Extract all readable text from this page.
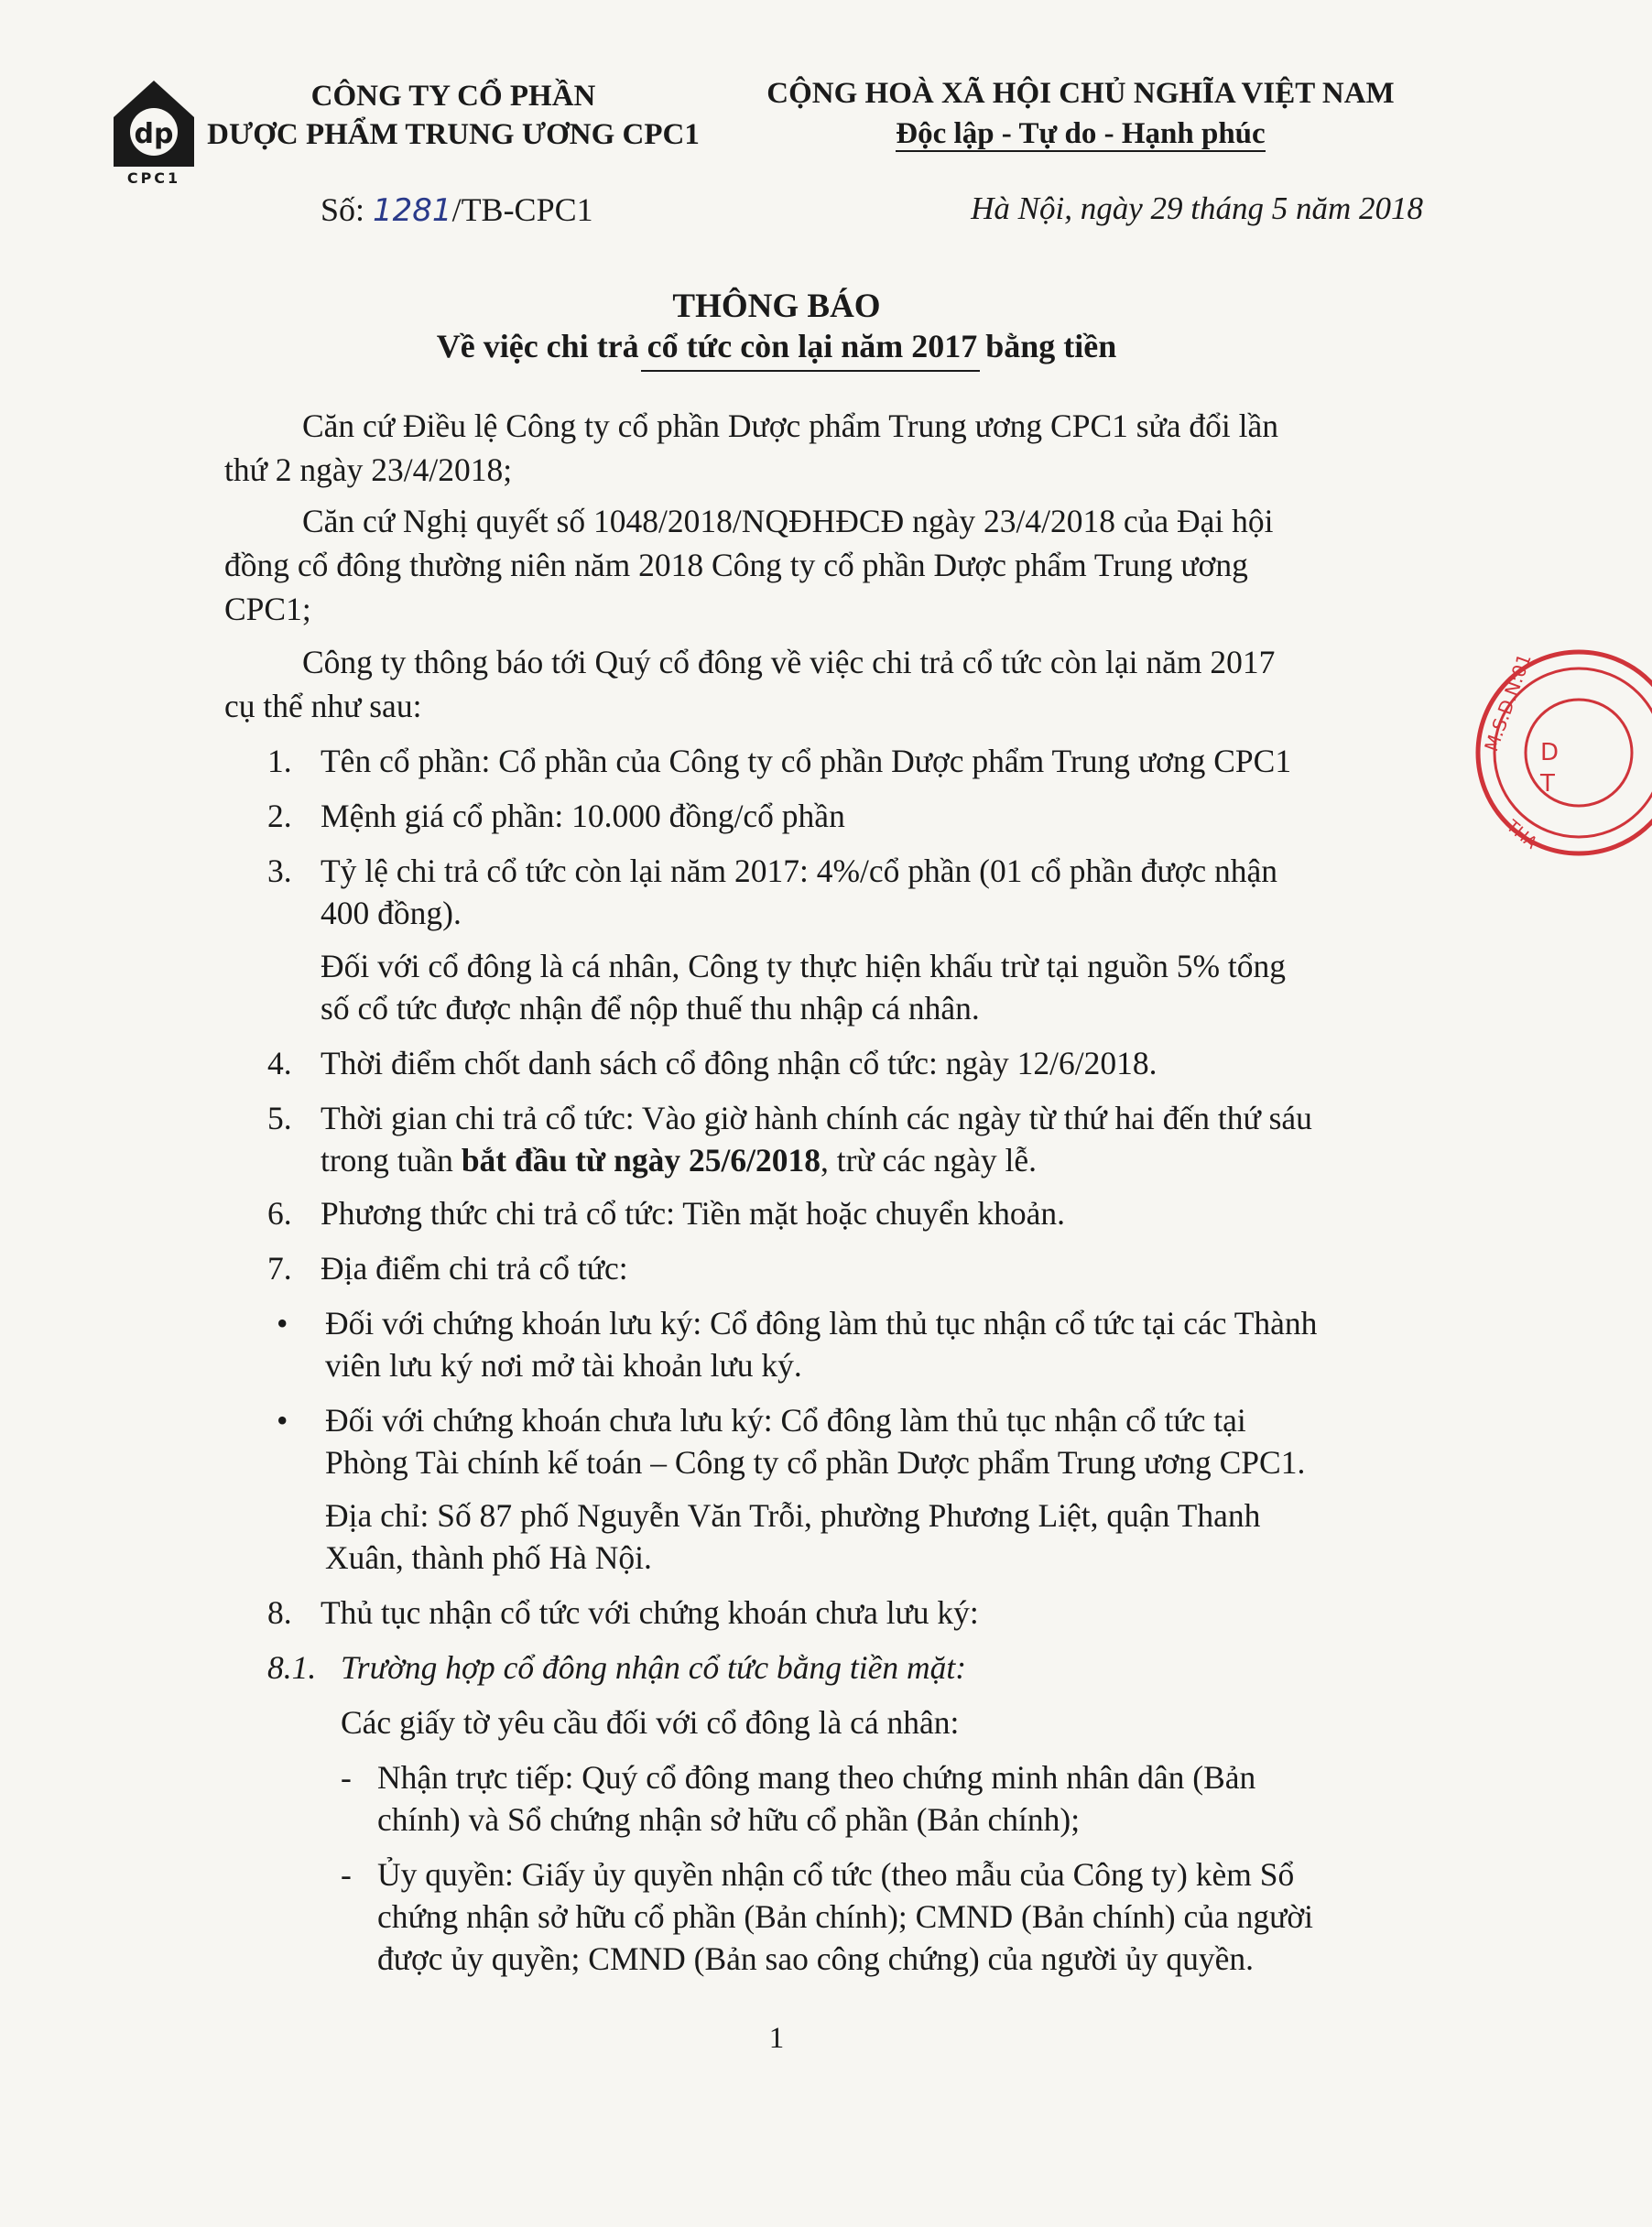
dp
CPC1
CÔNG TY CỔ PHẦN
DƯỢC PHẨM TRUNG ƯƠNG CPC1
CỘNG HOÀ XÃ HỘI CHỦ NGHĨA VIỆT NAM
Độc lập - Tự do - Hạnh phúc
Số: 1281/TB-CPC1	Hà Nội, ngày 29 tháng 5 năm 2018
THÔNG BÁO
Về việc chi trả cổ tức còn lại năm 2017 bằng tiền
Căn cứ Điều lệ Công ty cổ phần Dược phẩm Trung ương CPC1 sửa đổi lần
thứ 2 ngày 23/4/2018;
Căn cứ Nghị quyết số 1048/2018/NQĐHĐCĐ ngày 23/4/2018 của Đại hội
đồng cổ đông thường niên năm 2018 Công ty cổ phần Dược phẩm Trung ương
CPC1;
Công ty thông báo tới Quý cổ đông về việc chi trả cổ tức còn lại năm 2017
cụ thể như sau:
1. Tên cổ phần: Cổ phần của Công ty cổ phần Dược phẩm Trung ương CPC1
2. Mệnh giá cổ phần: 10.000 đồng/cổ phần
3. Tỷ lệ chi trả cổ tức còn lại năm 2017: 4%/cổ phần (01 cổ phần được nhận
400 đồng).
Đối với cổ đông là cá nhân, Công ty thực hiện khấu trừ tại nguồn 5% tổng
số cổ tức được nhận để nộp thuế thu nhập cá nhân.
4. Thời điểm chốt danh sách cổ đông nhận cổ tức: ngày 12/6/2018.
5. Thời gian chi trả cổ tức: Vào giờ hành chính các ngày từ thứ hai đến thứ sáu
trong tuần bắt đầu từ ngày 25/6/2018, trừ các ngày lễ.
6. Phương thức chi trả cổ tức: Tiền mặt hoặc chuyển khoản.
7. Địa điểm chi trả cổ tức:
• Đối với chứng khoán lưu ký: Cổ đông làm thủ tục nhận cổ tức tại các Thành
viên lưu ký nơi mở tài khoản lưu ký.
• Đối với chứng khoán chưa lưu ký: Cổ đông làm thủ tục nhận cổ tức tại
Phòng Tài chính kế toán – Công ty cổ phần Dược phẩm Trung ương CPC1.
Địa chỉ: Số 87 phố Nguyễn Văn Trỗi, phường Phương Liệt, quận Thanh
Xuân, thành phố Hà Nội.
8. Thủ tục nhận cổ tức với chứng khoán chưa lưu ký:
8.1. Trường hợp cổ đông nhận cổ tức bằng tiền mặt:
Các giấy tờ yêu cầu đối với cổ đông là cá nhân:
- Nhận trực tiếp: Quý cổ đông mang theo chứng minh nhân dân (Bản
chính) và Sổ chứng nhận sở hữu cổ phần (Bản chính);
- Ủy quyền: Giấy ủy quyền nhận cổ tức (theo mẫu của Công ty) kèm Sổ
chứng nhận sở hữu cổ phần (Bản chính); CMND (Bản chính) của người
được ủy quyền; CMND (Bản sao công chứng) của người ủy quyền.
1
M.S.D.N:01 D
T
THA
